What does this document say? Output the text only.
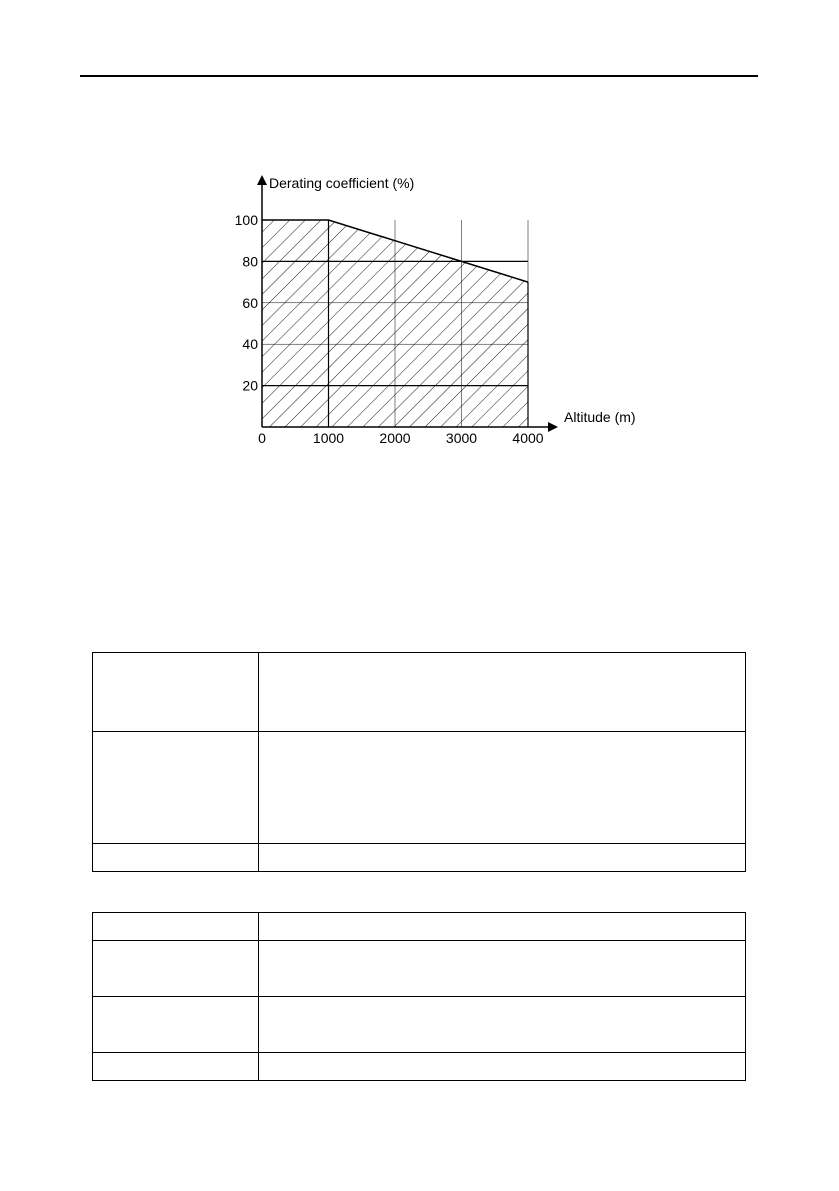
0	1000	2000	3000	4000
20
40
60
80
100
Derating coefficient (%)
Altitude (m)
